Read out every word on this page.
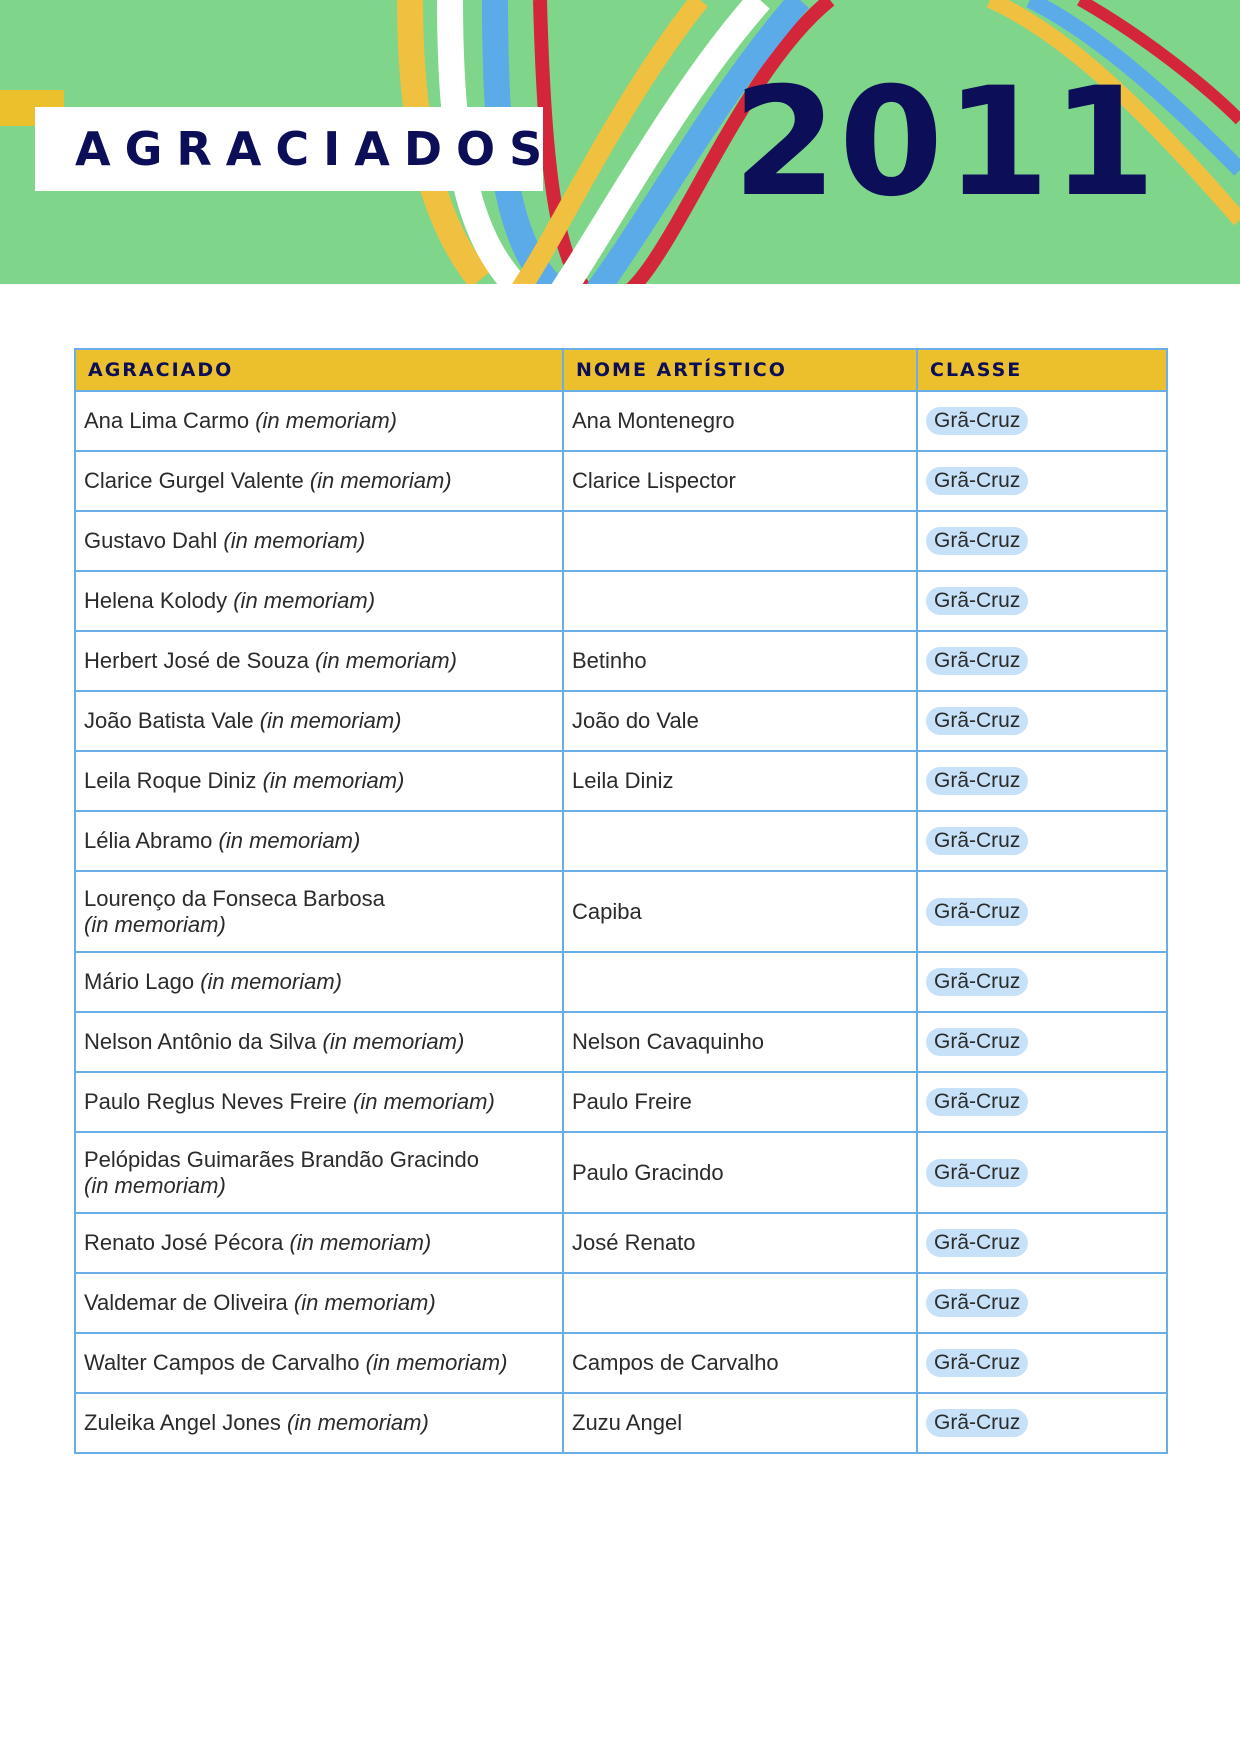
AGRACIADOS 2011
AGRACIADO	NOME ARTÍSTICO	CLASSE
Ana Lima Carmo (in memoriam)	Ana Montenegro	Grã-Cruz
Clarice Gurgel Valente (in memoriam)	Clarice Lispector	Grã-Cruz
Gustavo Dahl (in memoriam)		Grã-Cruz
Helena Kolody (in memoriam)		Grã-Cruz
Herbert José de Souza (in memoriam)	Betinho	Grã-Cruz
João Batista Vale (in memoriam)	João do Vale	Grã-Cruz
Leila Roque Diniz (in memoriam)	Leila Diniz	Grã-Cruz
Lélia Abramo (in memoriam)		Grã-Cruz
Lourenço da Fonseca Barbosa
(in memoriam)	Capiba	Grã-Cruz
Mário Lago (in memoriam)		Grã-Cruz
Nelson Antônio da Silva (in memoriam)	Nelson Cavaquinho	Grã-Cruz
Paulo Reglus Neves Freire (in memoriam)	Paulo Freire	Grã-Cruz
Pelópidas Guimarães Brandão Gracindo
(in memoriam)	Paulo Gracindo	Grã-Cruz
Renato José Pécora (in memoriam)	José Renato	Grã-Cruz
Valdemar de Oliveira (in memoriam)		Grã-Cruz
Walter Campos de Carvalho (in memoriam)	Campos de Carvalho	Grã-Cruz
Zuleika Angel Jones (in memoriam)	Zuzu Angel	Grã-Cruz
